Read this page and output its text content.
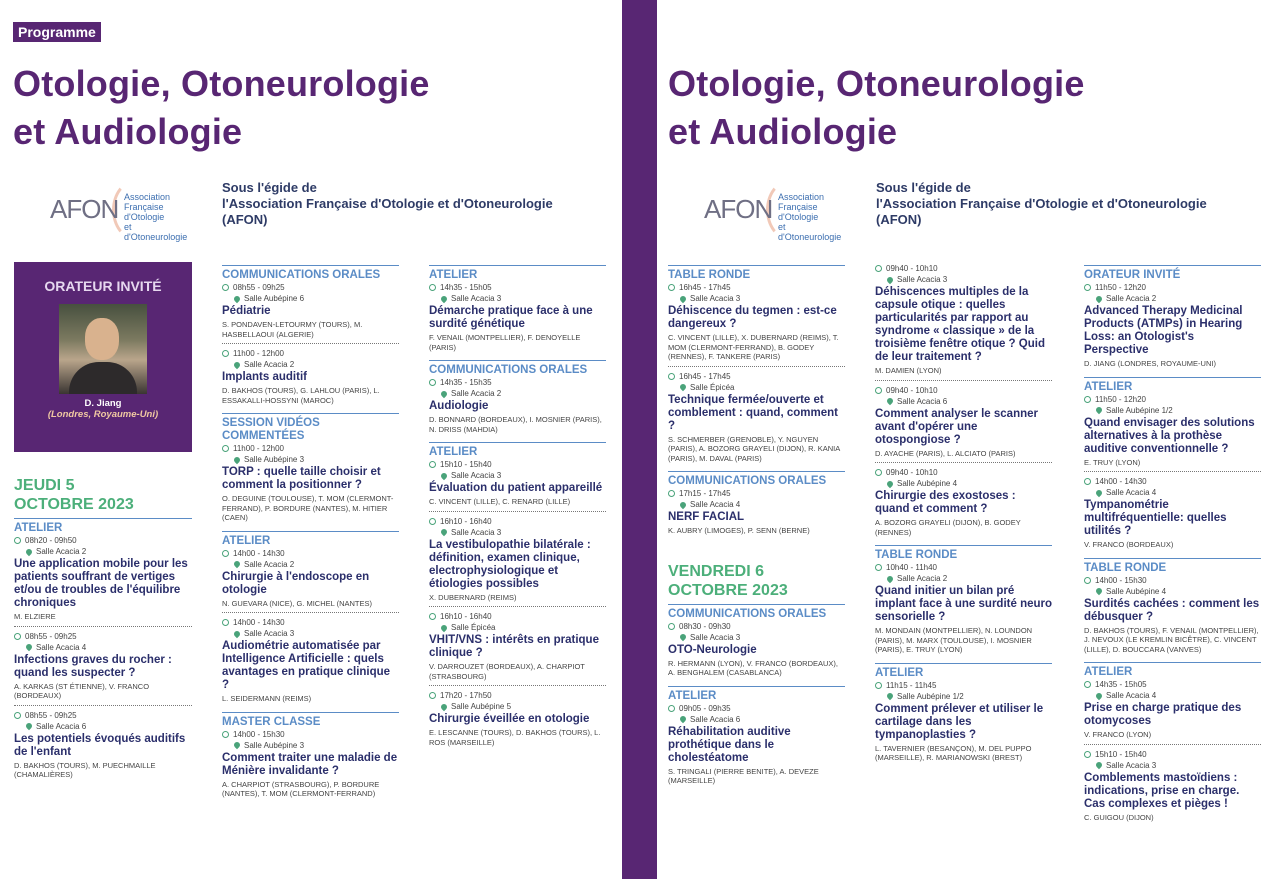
Programme
Otologie, Otoneurologie
et Audiologie
AFON Association
Française
d'Otologie
et d'Otoneurologie
Sous l'égide de
l'Association Française d'Otologie et d'Otoneurologie
(AFON)
ORATEUR INVITÉ
D. Jiang
(Londres, Royaume-Uni)
JEUDI 5
OCTOBRE 2023
ATELIER
08h20 - 09h50
Salle Acacia 2
Une application mobile pour les patients souffrant de vertiges et/ou de troubles de l'équilibre chroniques
M. ELZIERE
08h55 - 09h25
Salle Acacia 4
Infections graves du rocher : quand les suspecter ?
A. KARKAS (ST ÉTIENNE), V. FRANCO (BORDEAUX)
08h55 - 09h25
Salle Acacia 6
Les potentiels évoqués auditifs de l'enfant
D. BAKHOS (TOURS), M. PUECHMAILLE (CHAMALIÈRES)
COMMUNICATIONS ORALES
08h55 - 09h25
Salle Aubépine 6
Pédiatrie
S. PONDAVEN-LETOURMY (TOURS), M. HASBELLAOUI (ALGERIE)
11h00 - 12h00
Salle Acacia 2
Implants auditif
D. BAKHOS (TOURS), G. LAHLOU (PARIS), L. ESSAKALLI-HOSSYNI (MAROC)
SESSION VIDÉOS COMMENTÉES
11h00 - 12h00
Salle Aubépine 3
TORP : quelle taille choisir et comment la positionner ?
O. DEGUINE (TOULOUSE), T. MOM (CLERMONT-FERRAND), P. BORDURE (NANTES), M. HITIER (CAEN)
ATELIER
14h00 - 14h30
Salle Acacia 2
Chirurgie à l'endoscope en otologie
N. GUEVARA (NICE), G. MICHEL (NANTES)
14h00 - 14h30
Salle Acacia 3
Audiométrie automatisée par Intelligence Artificielle : quels avantages en pratique clinique ?
L. SEIDERMANN (REIMS)
MASTER CLASSE
14h00 - 15h30
Salle Aubépine 3
Comment traiter une maladie de Ménière invalidante ?
A. CHARPIOT (STRASBOURG), P. BORDURE (NANTES), T. MOM (CLERMONT-FERRAND)
ATELIER
14h35 - 15h05
Salle Acacia 3
Démarche pratique face à une surdité génétique
F. VENAIL (MONTPELLIER), F. DENOYELLE (PARIS)
COMMUNICATIONS ORALES
14h35 - 15h35
Salle Acacia 2
Audiologie
D. BONNARD (BORDEAUX), I. MOSNIER (PARIS), N. DRISS (MAHDIA)
ATELIER
15h10 - 15h40
Salle Acacia 3
Évaluation du patient appareillé
C. VINCENT (LILLE), C. RENARD (LILLE)
16h10 - 16h40
Salle Acacia 3
La vestibulopathie bilatérale : définition, examen clinique, electrophysiologique et étiologies possibles
X. DUBERNARD (REIMS)
16h10 - 16h40
Salle Épicéa
VHIT/VNS : intérêts en pratique clinique ?
V. DARROUZET (BORDEAUX), A. CHARPIOT (STRASBOURG)
17h20 - 17h50
Salle Aubépine 5
Chirurgie éveillée en otologie
E. LESCANNE (TOURS), D. BAKHOS (TOURS), L. ROS (MARSEILLE)
Otologie, Otoneurologie
et Audiologie
AFON Association
Française
d'Otologie
et d'Otoneurologie
Sous l'égide de
l'Association Française d'Otologie et d'Otoneurologie
(AFON)
TABLE RONDE
16h45 - 17h45
Salle Acacia 3
Déhiscence du tegmen : est-ce dangereux ?
C. VINCENT (LILLE), X. DUBERNARD (REIMS), T. MOM (CLERMONT-FERRAND), B. GODEY (RENNES), F. TANKERE (PARIS)
16h45 - 17h45
Salle Épicéa
Technique fermée/ouverte et comblement : quand, comment ?
S. SCHMERBER (GRENOBLE), Y. NGUYEN (PARIS), A. BOZORG GRAYELI (DIJON), R. KANIA (PARIS), M. DAVAL (PARIS)
COMMUNICATIONS ORALES
17h15 - 17h45
Salle Acacia 4
NERF FACIAL
K. AUBRY (LIMOGES), P. SENN (BERNE)
VENDREDI 6
OCTOBRE 2023
COMMUNICATIONS ORALES
08h30 - 09h30
Salle Acacia 3
OTO-Neurologie
R. HERMANN (LYON), V. FRANCO (BORDEAUX), A. BENGHALEM (CASABLANCA)
ATELIER
09h05 - 09h35
Salle Acacia 6
Réhabilitation auditive prothétique dans le cholestéatome
S. TRINGALI (PIERRE BENITE), A. DEVEZE (MARSEILLE)
09h40 - 10h10
Salle Acacia 3
Déhiscences multiples de la capsule otique : quelles particularités par rapport au syndrome « classique » de la troisième fenêtre otique ? Quid de leur traitement ?
M. DAMIEN (LYON)
09h40 - 10h10
Salle Acacia 6
Comment analyser le scanner avant d'opérer une otospongiose ?
D. AYACHE (PARIS), L. ALCIATO (PARIS)
09h40 - 10h10
Salle Aubépine 4
Chirurgie des exostoses : quand et comment ?
A. BOZORG GRAYELI (DIJON), B. GODEY (RENNES)
TABLE RONDE
10h40 - 11h40
Salle Acacia 2
Quand initier un bilan pré implant face à une surdité neuro sensorielle ?
M. MONDAIN (MONTPELLIER), N. LOUNDON (PARIS), M. MARX (TOULOUSE), I. MOSNIER (PARIS), E. TRUY (LYON)
ATELIER
11h15 - 11h45
Salle Aubépine 1/2
Comment prélever et utiliser le cartilage dans les tympanoplasties ?
L. TAVERNIER (BESANÇON), M. DEL PUPPO (MARSEILLE), R. MARIANOWSKI (BREST)
ORATEUR INVITÉ
11h50 - 12h20
Salle Acacia 2
Advanced Therapy Medicinal Products (ATMPs) in Hearing Loss: an Otologist's Perspective
D. JIANG (LONDRES, ROYAUME-UNI)
ATELIER
11h50 - 12h20
Salle Aubépine 1/2
Quand envisager des solutions alternatives à la prothèse auditive conventionnelle ?
E. TRUY (LYON)
14h00 - 14h30
Salle Acacia 4
Tympanométrie multifréquentielle: quelles utilités ?
V. FRANCO (BORDEAUX)
TABLE RONDE
14h00 - 15h30
Salle Aubépine 4
Surdités cachées : comment les débusquer ?
D. BAKHOS (TOURS), F. VENAIL (MONTPELLIER), J. NEVOUX (LE KREMLIN BICÊTRE), C. VINCENT (LILLE), D. BOUCCARA (VANVES)
ATELIER
14h35 - 15h05
Salle Acacia 4
Prise en charge pratique des otomycoses
V. FRANCO (LYON)
15h10 - 15h40
Salle Acacia 3
Comblements mastoïdiens : indications, prise en charge. Cas complexes et pièges !
C. GUIGOU (DIJON)
